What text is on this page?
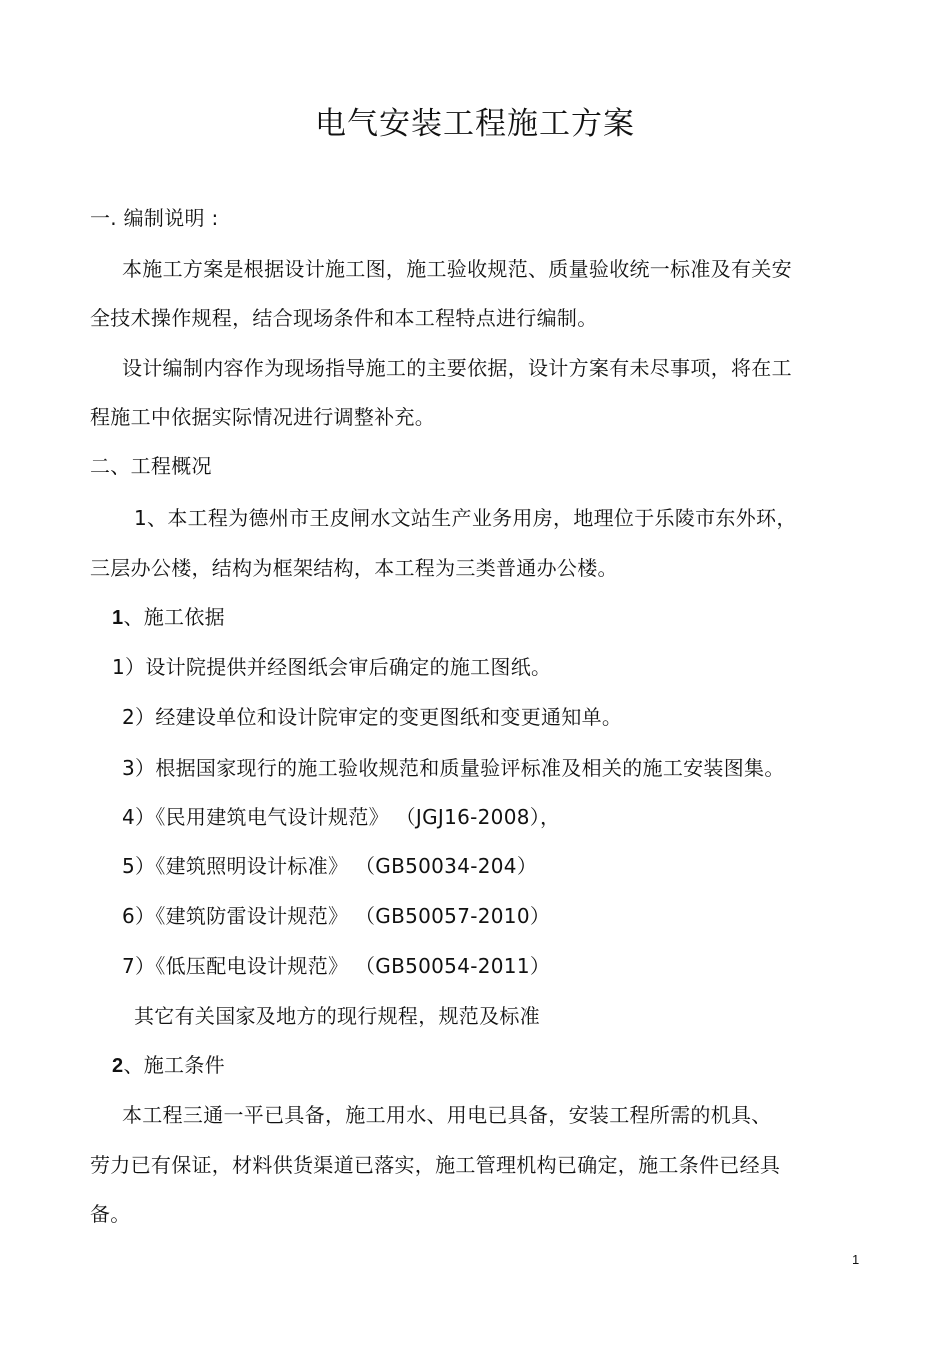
电气安装工程施工方案
一. 编制说明 :
本施工方案是根据设计施工图，施工验收规范、质量验收统一标准及有关安
全技术操作规程，结合现场条件和本工程特点进行编制。
设计编制内容作为现场指导施工的主要依据，设计方案有未尽事项，将在工
程施工中依据实际情况进行调整补充。
二、工程概况
1、本工程为德州市王皮闸水文站生产业务用房，地理位于乐陵市东外环，
三层办公楼，结构为框架结构，本工程为三类普通办公楼。
1、施工依据
1）设计院提供并经图纸会审后确定的施工图纸。
2）经建设单位和设计院审定的变更图纸和变更通知单。
3）根据国家现行的施工验收规范和质量验评标准及相关的施工安装图集。
4）《民用建筑电气设计规范》 （JGJ16-2008），
5）《建筑照明设计标准》 （GB50034-204）
6）《建筑防雷设计规范》 （GB50057-2010）
7）《低压配电设计规范》 （GB50054-2011）
其它有关国家及地方的现行规程，规范及标准
2、施工条件
本工程三通一平已具备，施工用水、用电已具备，安装工程所需的机具、
劳力已有保证，材料供货渠道已落实，施工管理机构已确定，施工条件已经具
备。
1
